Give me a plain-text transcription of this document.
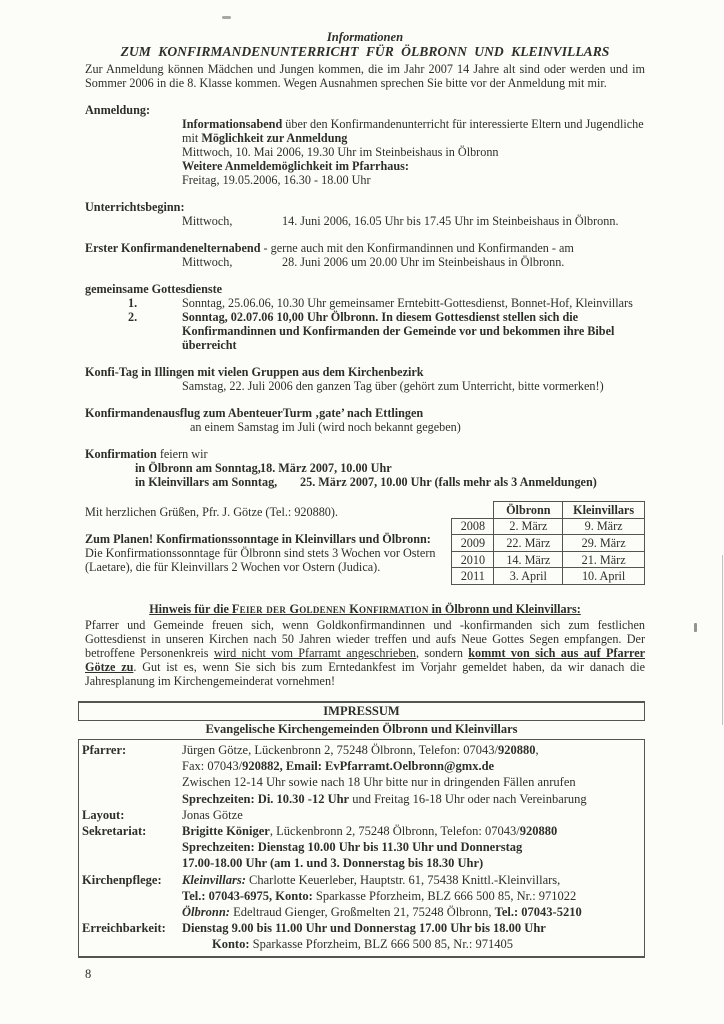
Informationen
ZUM KONFIRMANDENUNTERRICHT FÜR ÖLBRONN UND KLEINVILLARS
Zur Anmeldung können Mädchen und Jungen kommen, die im Jahr 2007 14 Jahre alt sind oder werden und im Sommer 2006 in die 8. Klasse kommen. Wegen Ausnahmen sprechen Sie bitte vor der Anmeldung mit mir.
Anmeldung:
Informationsabend über den Konfirmandenunterricht für interessierte Eltern und Jugendliche mit Möglichkeit zur Anmeldung
Mittwoch, 10. Mai 2006, 19.30 Uhr im Steinbeishaus in Ölbronn
Weitere Anmeldemöglichkeit im Pfarrhaus:
Freitag, 19.05.2006, 16.30 - 18.00 Uhr
Unterrichtsbeginn:
Mittwoch,	14. Juni 2006, 16.05 Uhr bis 17.45 Uhr im Steinbeishaus in Ölbronn.
Erster Konfirmandenelternabend - gerne auch mit den Konfirmandinnen und Konfirmanden - am
Mittwoch,	28. Juni 2006 um 20.00 Uhr im Steinbeishaus in Ölbronn.
gemeinsame Gottesdienste
1.	Sonntag, 25.06.06, 10.30 Uhr gemeinsamer Erntebitt-Gottesdienst, Bonnet-Hof, Kleinvillars
2.	Sonntag, 02.07.06 10,00 Uhr Ölbronn. In diesem Gottesdienst stellen sich die Konfirmandinnen und Konfirmanden der Gemeinde vor und bekommen ihre Bibel überreicht
Konfi-Tag in Illingen mit vielen Gruppen aus dem Kirchenbezirk
Samstag, 22. Juli 2006 den ganzen Tag über (gehört zum Unterricht, bitte vormerken!)
Konfirmandenausflug zum AbenteuerTurm ‚gate’ nach Ettlingen
an einem Samstag im Juli (wird noch bekannt gegeben)
Konfirmation feiern wir
in Ölbronn am Sonntag,18. März 2007, 10.00 Uhr
in Kleinvillars am Sonntag, 25. März 2007, 10.00 Uhr (falls mehr als 3 Anmeldungen)
Mit herzlichen Grüßen, Pfr. J. Götze (Tel.: 920880).
Zum Planen! Konfirmationssonntage in Kleinvillars und Ölbronn:
Die Konfirmationssonntage für Ölbronn sind stets 3 Wochen vor Ostern (Laetare), die für Kleinvillars 2 Wochen vor Ostern (Judica).
	Ölbronn	Kleinvillars
2008	2. März	9. März
2009	22. März	29. März
2010	14. März	21. März
2011	3. April	10. April
Hinweis für die Feier der Goldenen Konfirmation in Ölbronn und Kleinvillars:
Pfarrer und Gemeinde freuen sich, wenn Goldkonfirmandinnen und -konfirmanden sich zum festlichen Gottesdienst in unseren Kirchen nach 50 Jahren wieder treffen und aufs Neue Gottes Segen empfangen. Der betroffene Personenkreis wird nicht vom Pfarramt angeschrieben, sondern kommt von sich aus auf Pfarrer Götze zu. Gut ist es, wenn Sie sich bis zum Erntedankfest im Vorjahr gemeldet haben, da wir danach die Jahresplanung im Kirchengemeinderat vornehmen!
IMPRESSUM
Evangelische Kirchengemeinden Ölbronn und Kleinvillars
Pfarrer:	Jürgen Götze, Lückenbronn 2, 75248 Ölbronn, Telefon: 07043/920880,
Fax: 07043/920882, Email: EvPfarramt.Oelbronn@gmx.de
Zwischen 12-14 Uhr sowie nach 18 Uhr bitte nur in dringenden Fällen anrufen
Sprechzeiten: Di. 10.30 -12 Uhr und Freitag 16-18 Uhr oder nach Vereinbarung
Layout:	Jonas Götze
Sekretariat:	Brigitte Königer, Lückenbronn 2, 75248 Ölbronn, Telefon: 07043/920880
Sprechzeiten: Dienstag 10.00 Uhr bis 11.30 Uhr und Donnerstag
17.00-18.00 Uhr (am 1. und 3. Donnerstag bis 18.30 Uhr)
Kirchenpflege:	Kleinvillars: Charlotte Keuerleber, Hauptstr. 61, 75438 Knittl.-Kleinvillars,
Tel.: 07043-6975, Konto: Sparkasse Pforzheim, BLZ 666 500 85, Nr.: 971022
Ölbronn: Edeltraud Gienger, Großmelten 21, 75248 Ölbronn, Tel.: 07043-5210
Erreichbarkeit:	Dienstag 9.00 bis 11.00 Uhr und Donnerstag 17.00 Uhr bis 18.00 Uhr
Konto: Sparkasse Pforzheim, BLZ 666 500 85, Nr.: 971405
8
